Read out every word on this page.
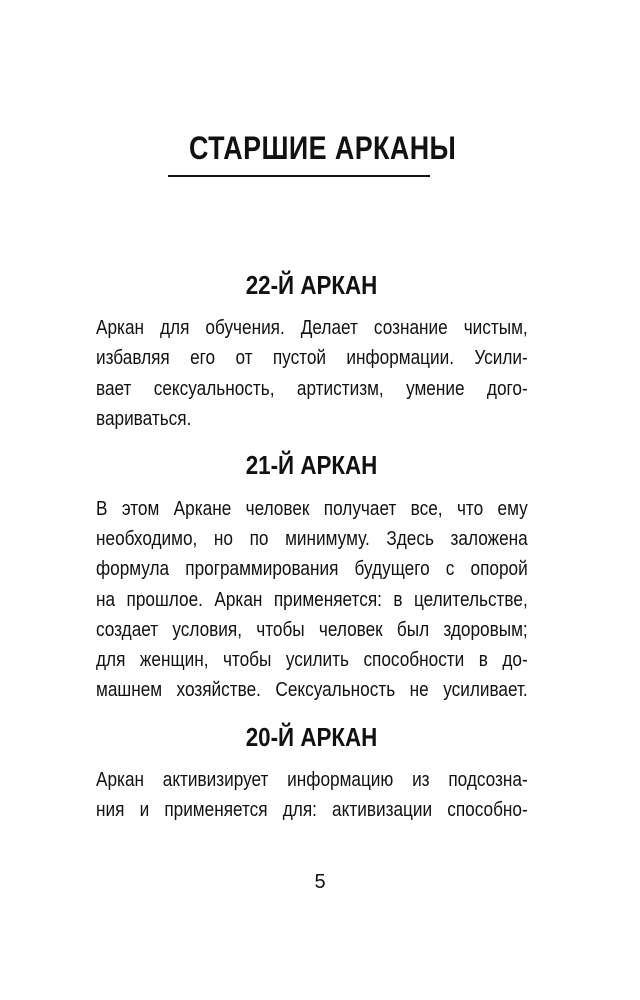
СТАРШИЕ АРКАНЫ
22-Й АРКАН
Аркан для обучения. Делает сознание чистым,
избавляя его от пустой информации. Усили-
вает сексуальность, артистизм, умение дого-
вариваться.
21-Й АРКАН
В этом Аркане человек получает все, что ему
необходимо, но по минимуму. Здесь заложена
формула программирования будущего с опорой
на прошлое. Аркан применяется: в целительстве,
создает условия, чтобы человек был здоровым;
для женщин, чтобы усилить способности в до-
машнем хозяйстве. Сексуальность не усиливает.
20-Й АРКАН
Аркан активизирует информацию из подсозна-
ния и применяется для: активизации способно-
5
